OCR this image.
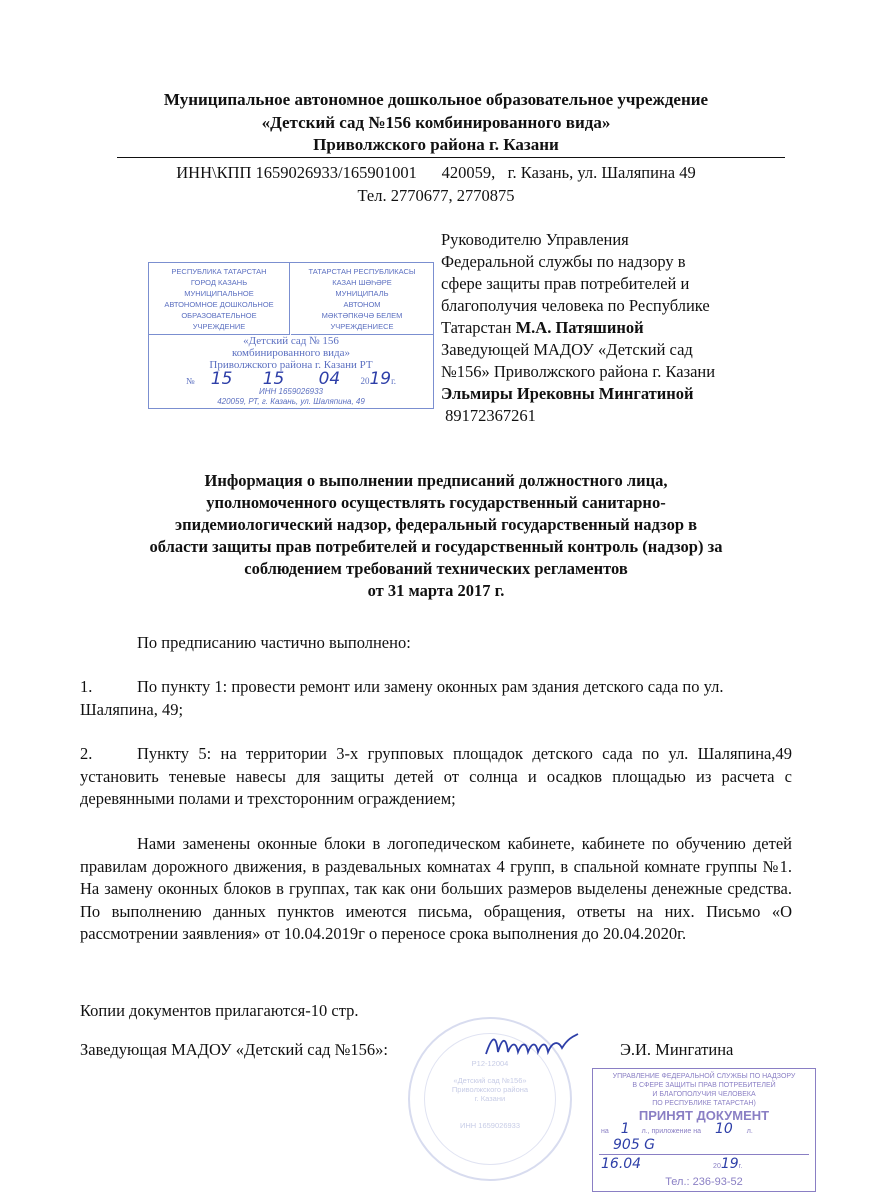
Муниципальное автономное дошкольное образовательное учреждение
«Детский сад №156 комбинированного вида»
Приволжского района г. Казани
ИНН\КПП 1659026933/165901001      420059,   г. Казань, ул. Шаляпина 49
Тел. 2770677, 2770875
РЕСПУБЛИКА ТАТАРСТАН
ГОРОД КАЗАНЬ
МУНИЦИПАЛЬНОЕ
АВТОНОМНОЕ ДОШКОЛЬНОЕ
ОБРАЗОВАТЕЛЬНОЕ
УЧРЕЖДЕНИЕ
ТАТАРСТАН РЕСПУБЛИКАСЫ
КАЗАН ШӘҺӘРЕ
МУНИЦИПАЛЬ
АВТОНОМ
МӘКТӘПКӘЧӘ БЕЛЕМ
УЧРЕЖДЕНИЕСЕ
«Детский сад № 156
комбинированного вида»
Приволжского района г. Казани РТ
№ 15 15 04 2019г.
ИНН 1659026933
420059, РТ, г. Казань, ул. Шаляпина, 49
Руководителю Управления
Федеральной службы по надзору в
сфере защиты прав потребителей и
благополучия человека по Республике
Татарстан М.А. Патяшиной
Заведующей МАДОУ «Детский сад
№156» Приволжского района г. Казани
Эльмиры Ирековны Мингатиной
89172367261
Информация о выполнении предписаний должностного лица,
уполномоченного осуществлять государственный санитарно-
эпидемиологический надзор, федеральный государственный надзор в
области защиты прав потребителей и государственный контроль (надзор) за
соблюдением требований технических регламентов
от 31 марта 2017 г.
По предписанию частично выполнено:
1.	По пункту 1: провести ремонт или замену оконных рам здания детского сада по ул. Шаляпина, 49;
2.	Пункту 5: на территории 3-х групповых площадок детского сада по ул. Шаляпина,49 установить теневые навесы для защиты детей от солнца и осадков площадью из расчета с деревянными полами и трехсторонним ограждением;
Нами заменены оконные блоки в логопедическом кабинете, кабинете по обучению детей правилам дорожного движения, в раздевальных комнатах 4 групп, в спальной комнате группы №1. На замену оконных блоков в группах, так как они больших размеров выделены денежные средства. По выполнению данных пунктов имеются письма, обращения, ответы на них. Письмо «О рассмотрении заявления» от 10.04.2019г о переносе срока выполнения до 20.04.2020г.
Копии документов прилагаются-10 стр.
Р12-12004
«Детский сад №156»
Приволжского района
г. Казани
ИНН 1659026933
УПРАВЛЕНИЕ ФЕДЕРАЛЬНОЙ СЛУЖБЫ ПО НАДЗОРУ
В СФЕРЕ ЗАЩИТЫ ПРАВ ПОТРЕБИТЕЛЕЙ
И БЛАГОПОЛУЧИЯ ЧЕЛОВЕКА
ПО РЕСПУБЛИКЕ ТАТАРСТАН)
ПРИНЯТ ДОКУМЕНТ
на 1 л., приложение на 10 л.
905 G
16.04	2019г.
Тел.: 236-93-52
Заведующая МАДОУ «Детский сад №156»:	Э.И. Мингатина
